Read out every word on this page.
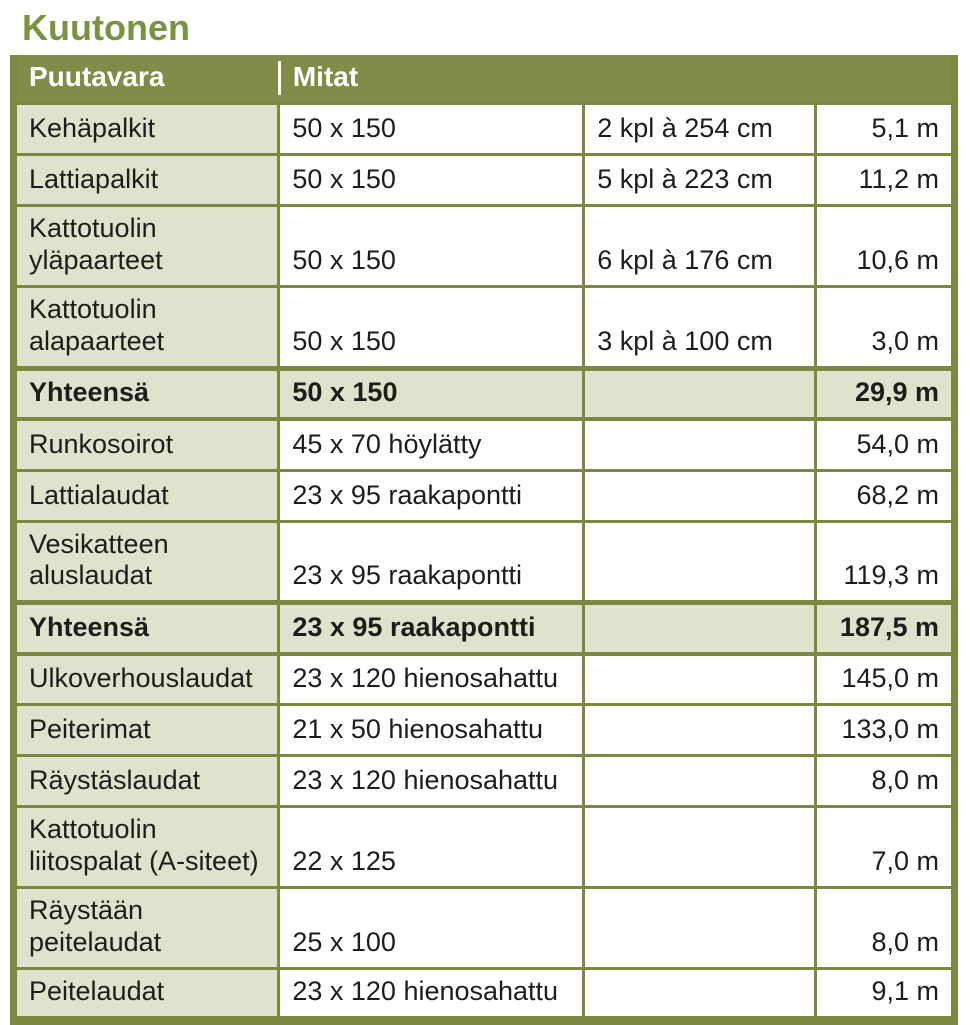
Kuutonen
Puutavara	Mitat		
Kehäpalkit	50 x 150	2 kpl à 254 cm	5,1 m
Lattiapalkit	50 x 150	5 kpl à 223 cm	11,2 m
Kattotuolin yläpaarteet	50 x 150	6 kpl à 176 cm	10,6 m
Kattotuolin alapaarteet	50 x 150	3 kpl à 100 cm	3,0 m
Yhteensä	50 x 150		29,9 m
Runkosoirot	45 x 70 höylätty		54,0 m
Lattialaudat	23 x 95 raakapontti		68,2 m
Vesikatteen aluslaudat	23 x 95 raakapontti		119,3 m
Yhteensä	23 x 95 raakapontti		187,5 m
Ulkoverhouslaudat	23 x 120 hienosahattu		145,0 m
Peiterimat	21 x 50 hienosahattu		133,0 m
Räystäslaudat	23 x 120 hienosahattu		8,0 m
Kattotuolin liitospalat (A-siteet)	22 x 125		7,0 m
Räystään peitelaudat	25 x 100		8,0 m
Peitelaudat	23 x 120 hienosahattu		9,1 m
